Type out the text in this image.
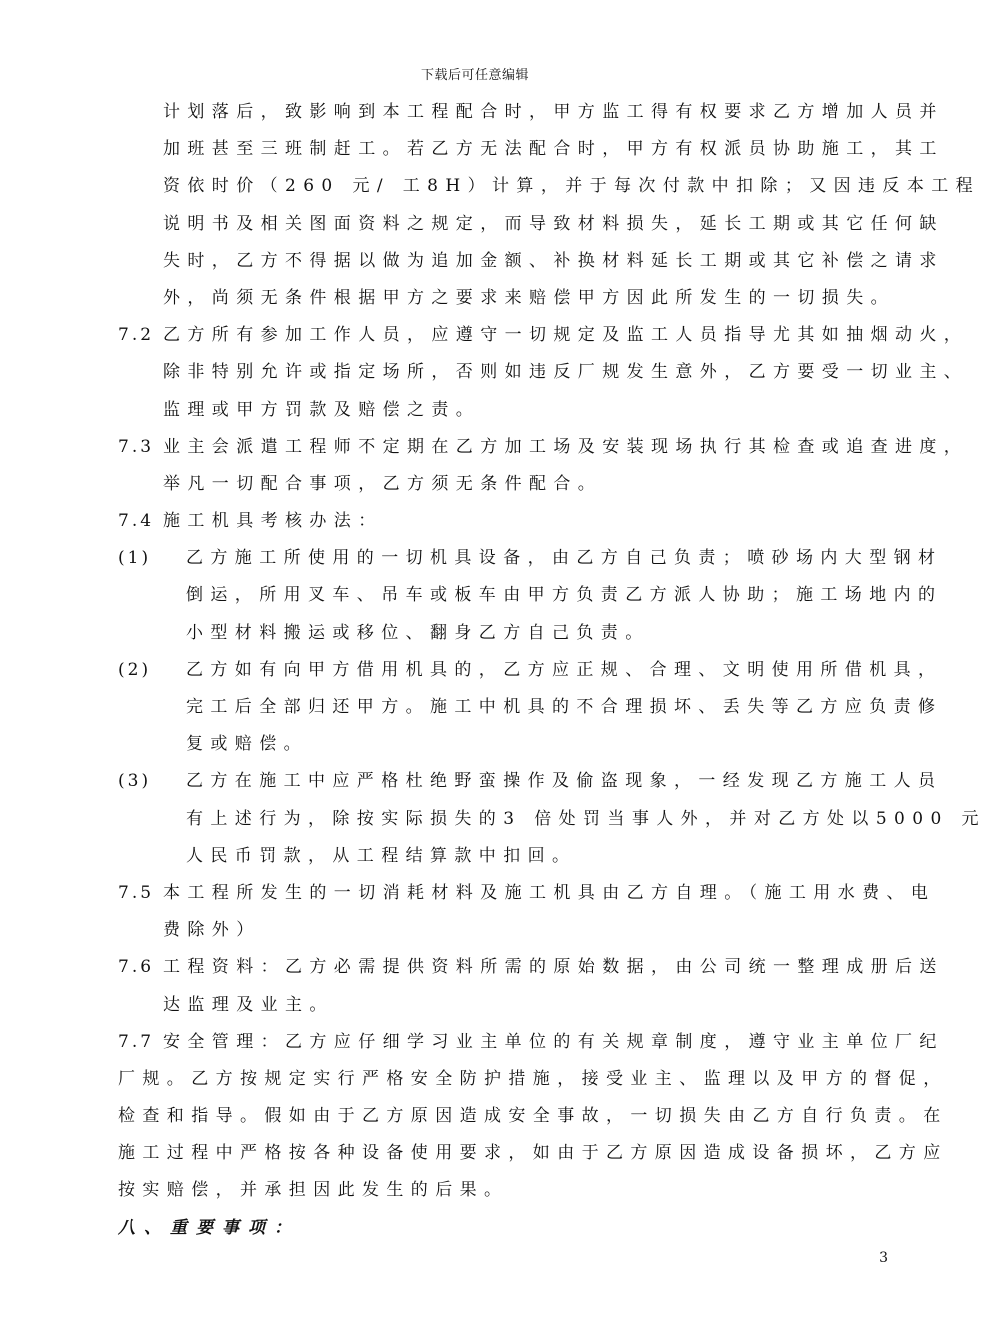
下载后可任意编辑
计划落后，致影响到本工程配合时，甲方监工得有权要求乙方增加人员并
加班甚至三班制赶工。若乙方无法配合时，甲方有权派员协助施工，其工
资依时价（260 元/ 工8H）计算，并于每次付款中扣除；又因违反本工程
说明书及相关图面资料之规定，而导致材料损失，延长工期或其它任何缺
失时，乙方不得据以做为追加金额、补换材料延长工期或其它补偿之请求
外，尚须无条件根据甲方之要求来赔偿甲方因此所发生的一切损失。
7.2 乙方所有参加工作人员，应遵守一切规定及监工人员指导尤其如抽烟动火，
除非特别允许或指定场所，否则如违反厂规发生意外，乙方要受一切业主、
监理或甲方罚款及赔偿之责。
7.3 业主会派遣工程师不定期在乙方加工场及安装现场执行其检查或追查进度，
举凡一切配合事项，乙方须无条件配合。
7.4 施工机具考核办法：
(1) 乙方施工所使用的一切机具设备，由乙方自己负责；喷砂场内大型钢材
倒运，所用叉车、吊车或板车由甲方负责乙方派人协助；施工场地内的
小型材料搬运或移位、翻身乙方自己负责。
(2) 乙方如有向甲方借用机具的，乙方应正规、合理、文明使用所借机具，
完工后全部归还甲方。施工中机具的不合理损坏、丢失等乙方应负责修
复或赔偿。
(3) 乙方在施工中应严格杜绝野蛮操作及偷盗现象，一经发现乙方施工人员
有上述行为，除按实际损失的3 倍处罚当事人外，并对乙方处以5000 元
人民币罚款，从工程结算款中扣回。
7.5 本工程所发生的一切消耗材料及施工机具由乙方自理。（施工用水费、电
费除外）
7.6 工程资料：乙方必需提供资料所需的原始数据，由公司统一整理成册后送
达监理及业主。
7.7 安全管理：乙方应仔细学习业主单位的有关规章制度，遵守业主单位厂纪
厂规。乙方按规定实行严格安全防护措施，接受业主、监理以及甲方的督促，
检查和指导。假如由于乙方原因造成安全事故，一切损失由乙方自行负责。在
施工过程中严格按各种设备使用要求，如由于乙方原因造成设备损坏，乙方应
按实赔偿，并承担因此发生的后果。
八、重要事项：
3
